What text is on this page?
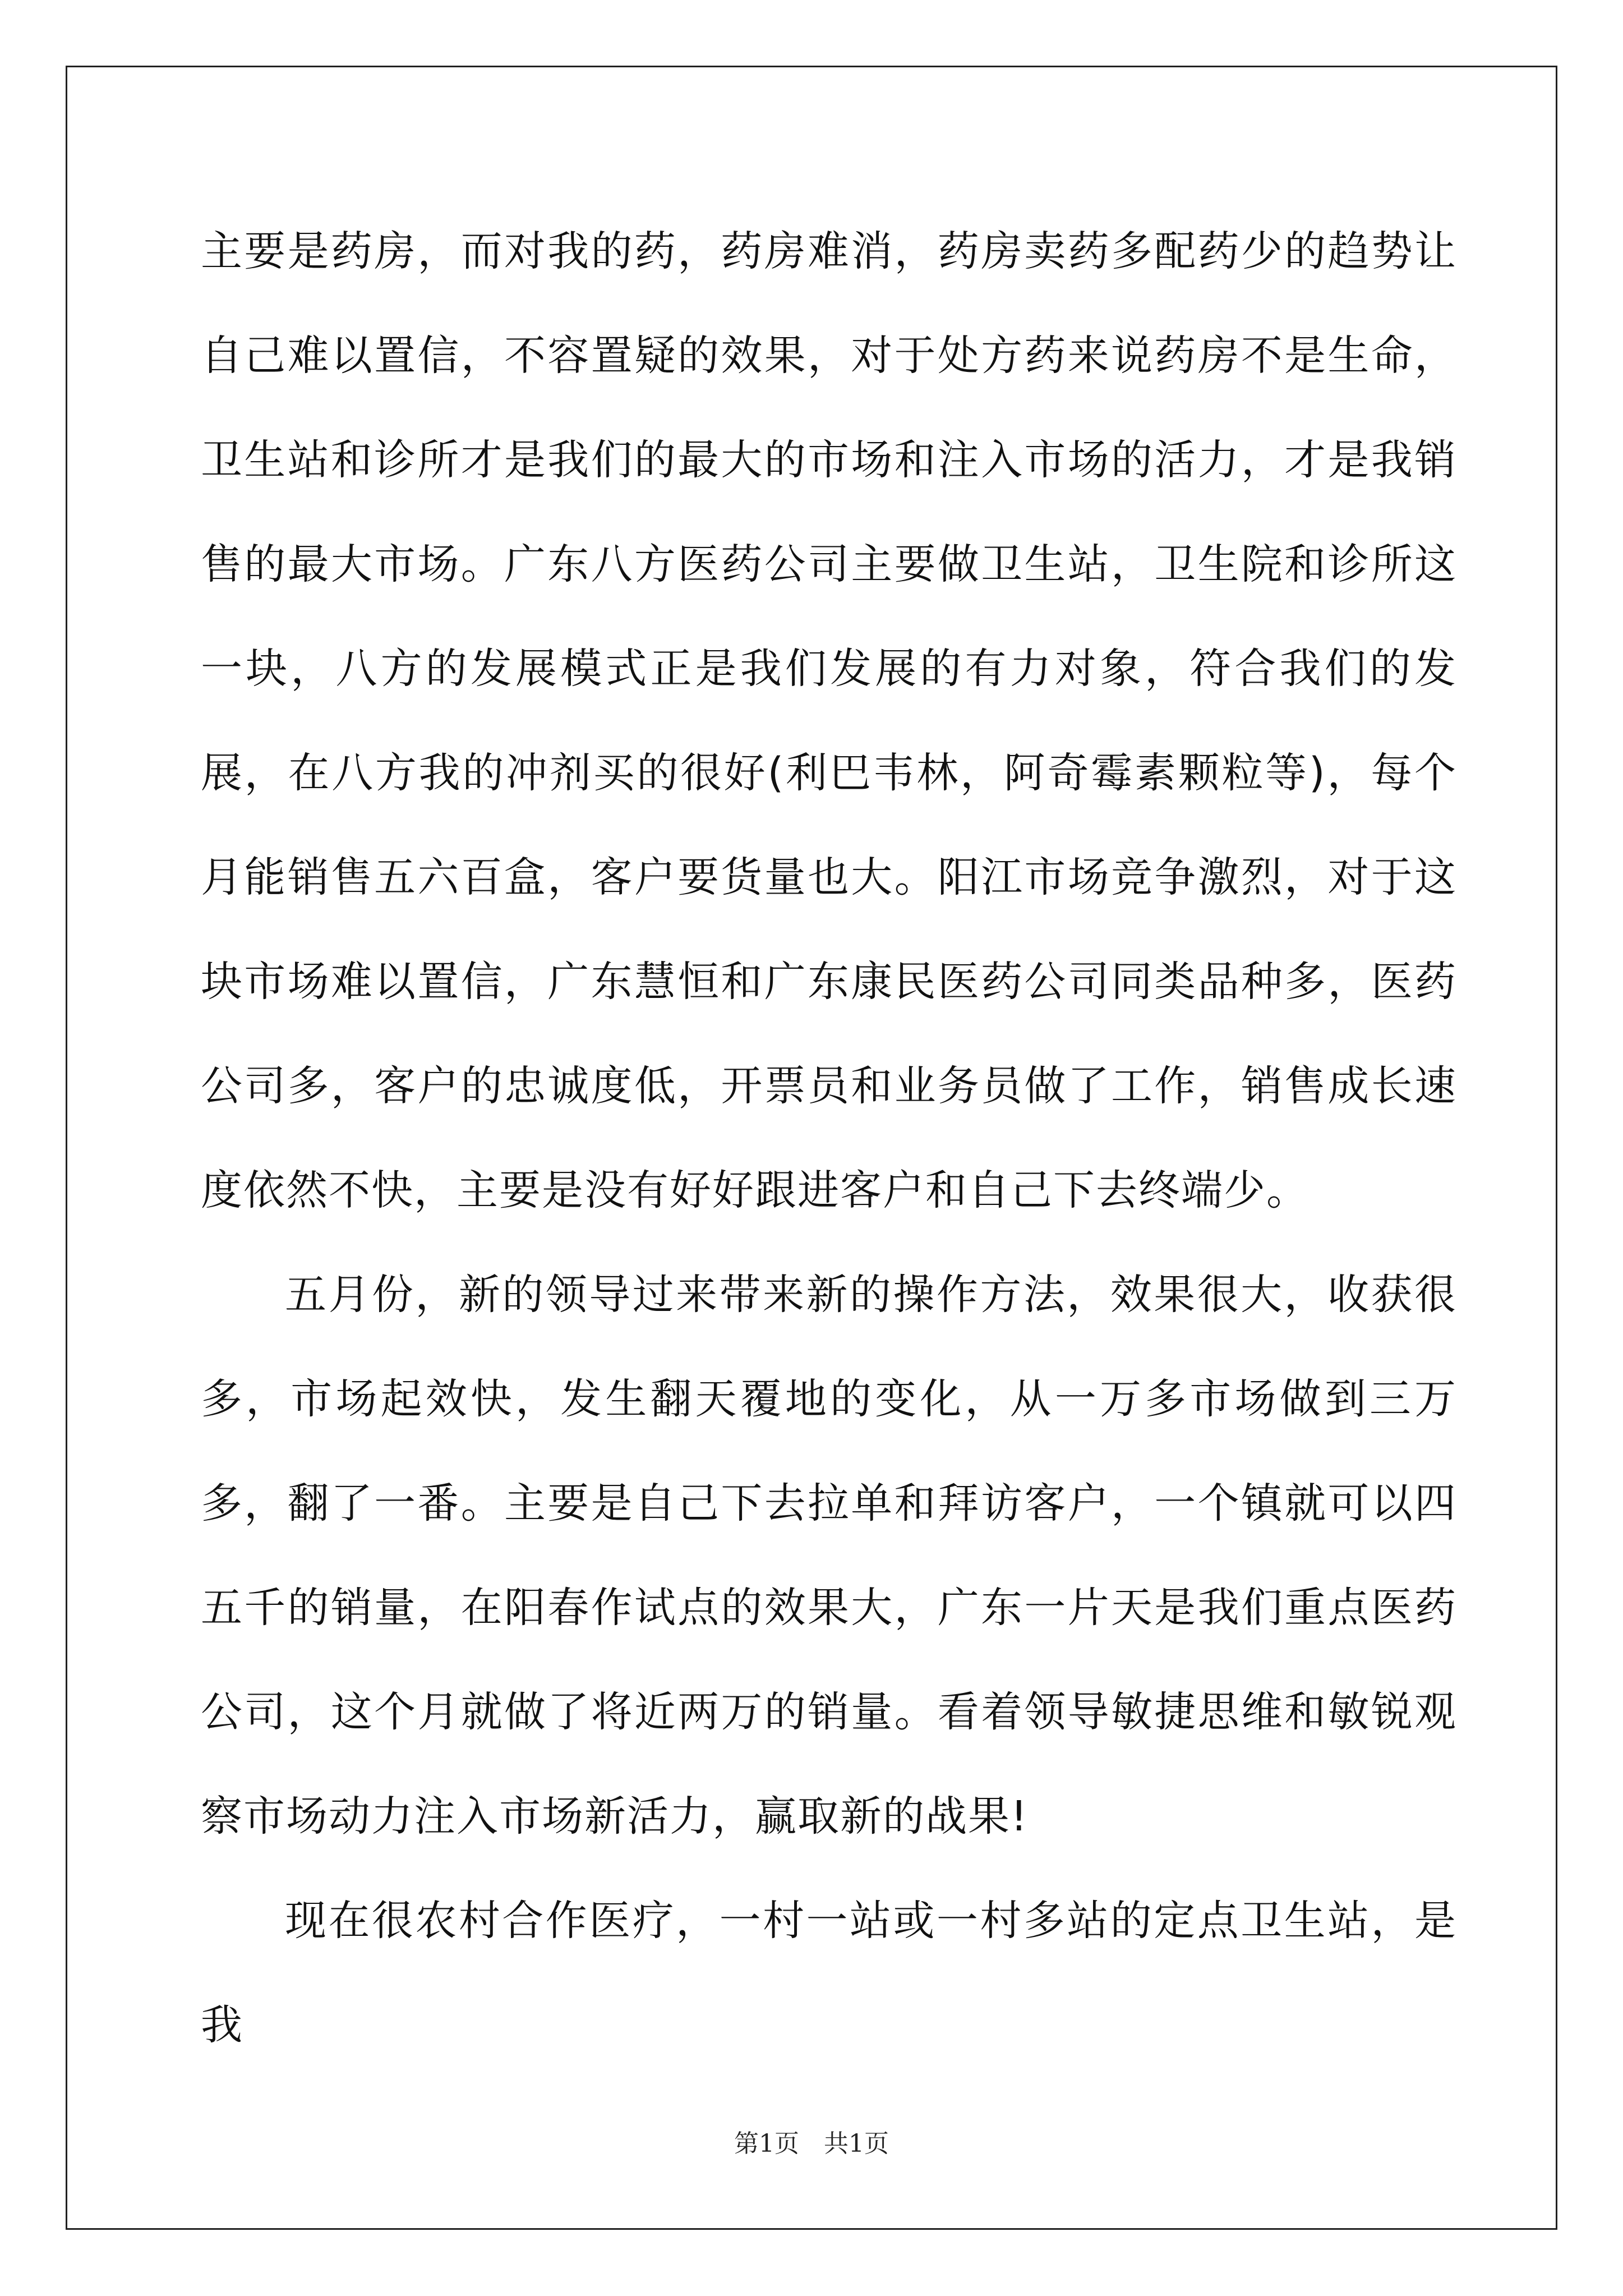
主要是药房，而对我的药，药房难消，药房卖药多配药少的趋势让自己难以置信，不容置疑的效果，对于处方药来说药房不是生命，卫生站和诊所才是我们的最大的市场和注入市场的活力，才是我销售的最大市场。广东八方医药公司主要做卫生站，卫生院和诊所这一块，八方的发展模式正是我们发展的有力对象，符合我们的发展，在八方我的冲剂买的很好(利巴韦林，阿奇霉素颗粒等)，每个月能销售五六百盒，客户要货量也大。阳江市场竞争激烈，对于这块市场难以置信，广东慧恒和广东康民医药公司同类品种多，医药公司多，客户的忠诚度低，开票员和业务员做了工作，销售成长速度依然不快，主要是没有好好跟进客户和自己下去终端少。

五月份，新的领导过来带来新的操作方法，效果很大，收获很多，市场起效快，发生翻天覆地的变化，从一万多市场做到三万多，翻了一番。主要是自己下去拉单和拜访客户，一个镇就可以四五千的销量，在阳春作试点的效果大，广东一片天是我们重点医药公司，这个月就做了将近两万的销量。看着领导敏捷思维和敏锐观察市场动力注入市场新活力，赢取新的战果!

现在很农村合作医疗，一村一站或一村多站的定点卫生站，是我

第1页　共1页
